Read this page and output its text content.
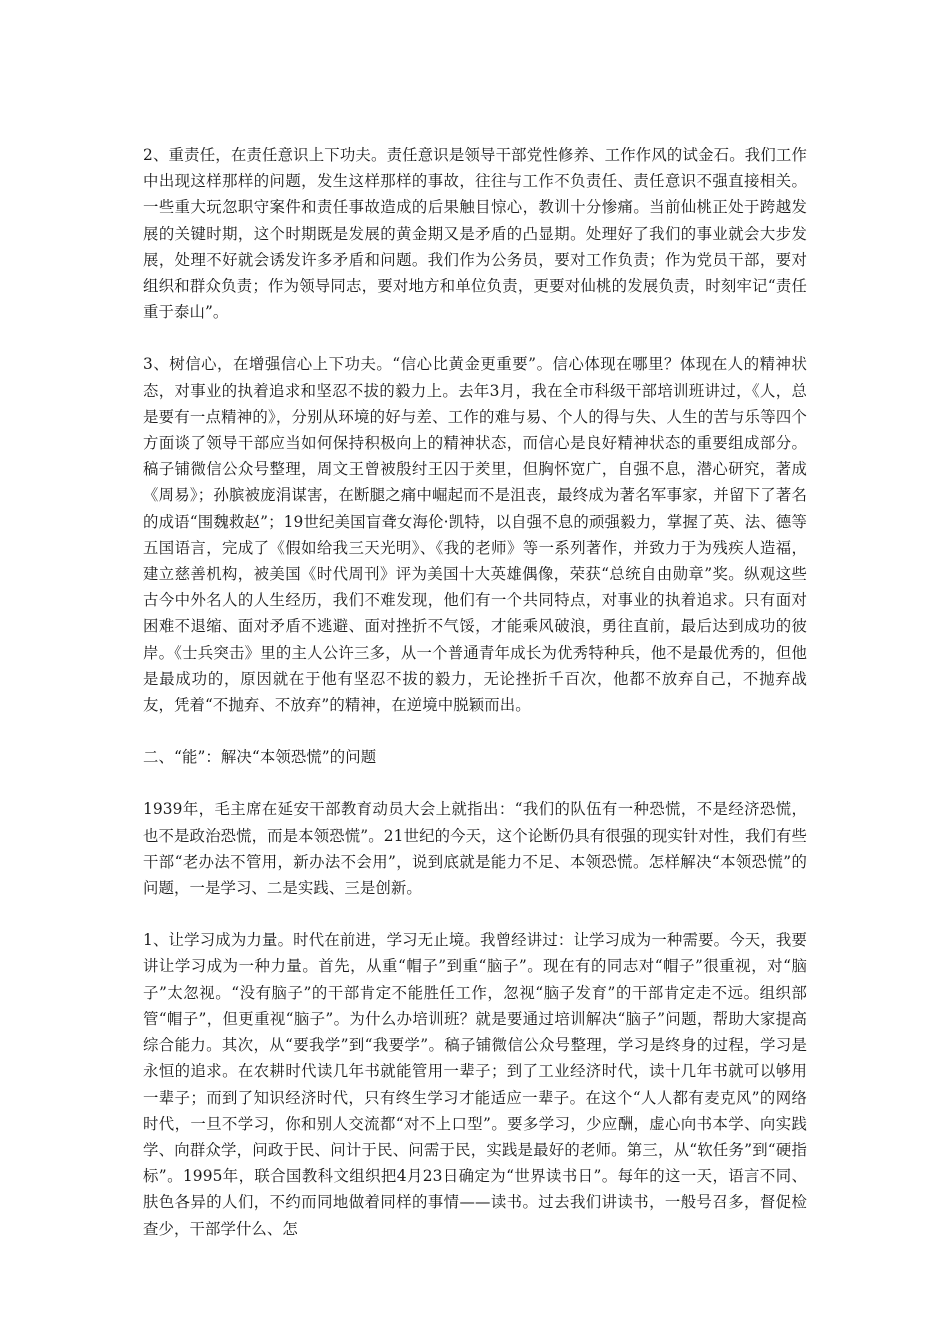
2、重责任，在责任意识上下功夫。责任意识是领导干部党性修养、工作作风的试金石。我们工作中出现这样那样的问题，发生这样那样的事故，往往与工作不负责任、责任意识不强直接相关。一些重大玩忽职守案件和责任事故造成的后果触目惊心，教训十分惨痛。当前仙桃正处于跨越发展的关键时期，这个时期既是发展的黄金期又是矛盾的凸显期。处理好了我们的事业就会大步发展，处理不好就会诱发许多矛盾和问题。我们作为公务员，要对工作负责；作为党员干部，要对组织和群众负责；作为领导同志，要对地方和单位负责，更要对仙桃的发展负责，时刻牢记“责任重于泰山”。

3、树信心，在增强信心上下功夫。“信心比黄金更重要”。信心体现在哪里？体现在人的精神状态，对事业的执着追求和坚忍不拔的毅力上。去年3月，我在全市科级干部培训班讲过，《人，总是要有一点精神的》，分别从环境的好与差、工作的难与易、个人的得与失、人生的苦与乐等四个方面谈了领导干部应当如何保持积极向上的精神状态，而信心是良好精神状态的重要组成部分。稿子铺微信公众号整理，周文王曾被殷纣王囚于羑里，但胸怀宽广，自强不息，潜心研究，著成《周易》；孙膑被庞涓谋害，在断腿之痛中崛起而不是沮丧，最终成为著名军事家，并留下了著名的成语“围魏救赵”；19世纪美国盲聋女海伦·凯特，以自强不息的顽强毅力，掌握了英、法、德等五国语言，完成了《假如给我三天光明》、《我的老师》等一系列著作，并致力于为残疾人造福，建立慈善机构，被美国《时代周刊》评为美国十大英雄偶像，荣获“总统自由勋章”奖。纵观这些古今中外名人的人生经历，我们不难发现，他们有一个共同特点，对事业的执着追求。只有面对困难不退缩、面对矛盾不逃避、面对挫折不气馁，才能乘风破浪，勇往直前，最后达到成功的彼岸。《士兵突击》里的主人公许三多，从一个普通青年成长为优秀特种兵，他不是最优秀的，但他是最成功的，原因就在于他有坚忍不拔的毅力，无论挫折千百次，他都不放弃自己，不抛弃战友，凭着“不抛弃、不放弃”的精神，在逆境中脱颖而出。

二、“能”：解决“本领恐慌”的问题

1939年，毛主席在延安干部教育动员大会上就指出：“我们的队伍有一种恐慌，不是经济恐慌，也不是政治恐慌，而是本领恐慌”。21世纪的今天，这个论断仍具有很强的现实针对性，我们有些干部“老办法不管用，新办法不会用”，说到底就是能力不足、本领恐慌。怎样解决“本领恐慌”的问题，一是学习、二是实践、三是创新。

1、让学习成为力量。时代在前进，学习无止境。我曾经讲过：让学习成为一种需要。今天，我要讲让学习成为一种力量。首先，从重“帽子”到重“脑子”。现在有的同志对“帽子”很重视，对“脑子”太忽视。“没有脑子”的干部肯定不能胜任工作，忽视“脑子发育”的干部肯定走不远。组织部管“帽子”，但更重视“脑子”。为什么办培训班？就是要通过培训解决“脑子”问题，帮助大家提高综合能力。其次，从“要我学”到“我要学”。稿子铺微信公众号整理，学习是终身的过程，学习是永恒的追求。在农耕时代读几年书就能管用一辈子；到了工业经济时代，读十几年书就可以够用一辈子；而到了知识经济时代，只有终生学习才能适应一辈子。在这个“人人都有麦克风”的网络时代，一旦不学习，你和别人交流都“对不上口型”。要多学习，少应酬，虚心向书本学、向实践学、向群众学，问政于民、问计于民、问需于民，实践是最好的老师。第三，从“软任务”到“硬指标”。1995年，联合国教科文组织把4月23日确定为“世界读书日”。每年的这一天，语言不同、肤色各异的人们，不约而同地做着同样的事情——读书。过去我们讲读书，一般号召多，督促检查少，干部学什么、怎
